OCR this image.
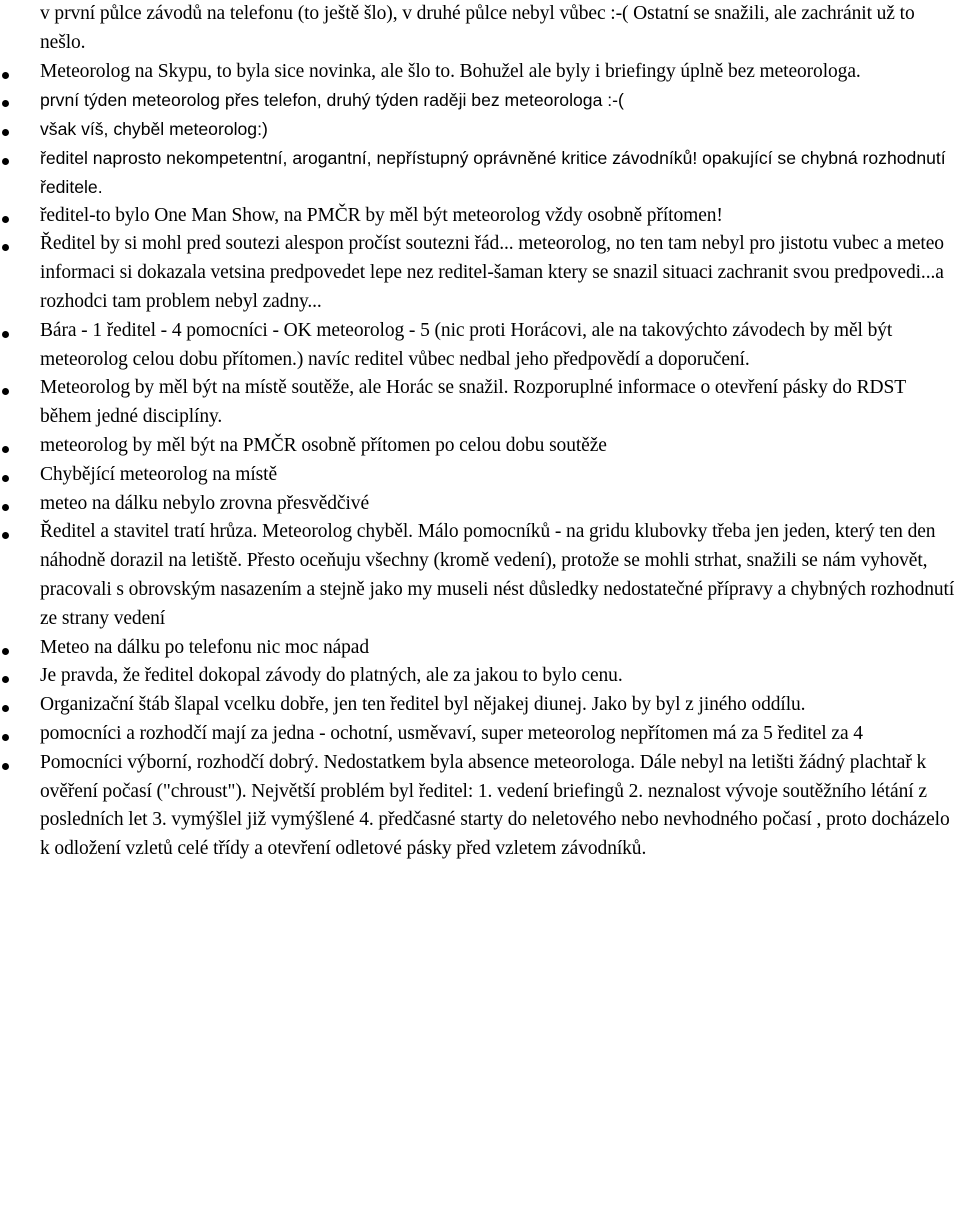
v první půlce závodů na telefonu (to ještě šlo), v druhé půlce nebyl vůbec :-( Ostatní se snažili, ale zachránit už to nešlo.

Meteorolog na Skypu, to byla sice novinka, ale šlo to. Bohužel ale byly i briefingy úplně bez meteorologa.
první týden meteorolog přes telefon, druhý týden raději bez meteorologa :-(
však víš, chyběl meteorolog:)
ředitel naprosto nekompetentní, arogantní, nepřístupný oprávněné kritice závodníků! opakující se chybná rozhodnutí ředitele.
ředitel-to bylo One Man Show, na PMČR by měl být meteorolog vždy osobně přítomen!
Ředitel by si mohl pred soutezi alespon pročíst soutezni řád... meteorolog, no ten tam nebyl pro jistotu vubec a meteo informaci si dokazala vetsina predpovedet lepe nez reditel-šaman ktery se snazil situaci zachranit svou predpovedi...a rozhodci tam problem nebyl zadny...
Bára - 1 ředitel - 4 pomocníci - OK meteorolog - 5 (nic proti Horácovi, ale na takovýchto závodech by měl být meteorolog celou dobu přítomen.) navíc reditel vůbec nedbal jeho předpovědí a doporučení.
Meteorolog by měl být na místě soutěže, ale Horác se snažil. Rozporuplné informace o otevření pásky do RDST během jedné disciplíny.
meteorolog by měl být na PMČR osobně přítomen po celou dobu soutěže
Chybějící meteorolog na místě
meteo na dálku nebylo zrovna přesvědčivé
Ředitel a stavitel tratí hrůza. Meteorolog chyběl. Málo pomocníků - na gridu klubovky třeba jen jeden, který ten den náhodně dorazil na letiště. Přesto oceňuju všechny (kromě vedení), protože se mohli strhat, snažili se nám vyhovět, pracovali s obrovským nasazením a stejně jako my museli nést důsledky nedostatečné přípravy a chybných rozhodnutí ze strany vedení
Meteo na dálku po telefonu nic moc nápad
Je pravda, že ředitel dokopal závody do platných, ale za jakou to bylo cenu.
Organizační štáb šlapal vcelku dobře, jen ten ředitel byl nějakej diunej. Jako by byl z jiného oddílu.
pomocníci a rozhodčí mají za jedna - ochotní, usměvaví, super meteorolog nepřítomen má za 5 ředitel za 4
Pomocníci výborní, rozhodčí dobrý. Nedostatkem byla absence meteorologa. Dále nebyl na letišti žádný plachtař k ověření počasí ("chroust"). Největší problém byl ředitel: 1. vedení briefingů 2. neznalost vývoje soutěžního létání z posledních let 3. vymýšlel již vymýšlené 4. předčasné starty do neletového nebo nevhodného počasí , proto docházelo k odložení vzletů celé třídy a otevření odletové pásky před vzletem závodníků.
